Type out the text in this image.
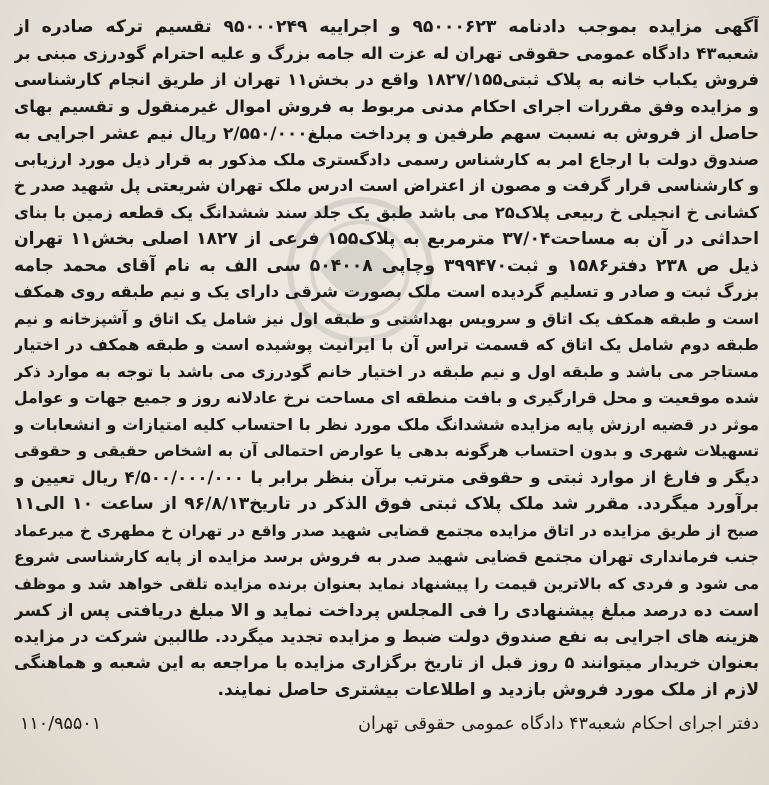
آگهی مزایده بموجب دادنامه ۹۵۰۰۰۶۲۳ و اجراییه ۹۵۰۰۰۲۴۹ تقسیم ترکه صادره از
شعبه۴۳ دادگاه عمومی حقوقی تهران له عزت اله جامه بزرگ و علیه احترام گودرزی مبنی بر
فروش یکباب خانه به پلاک ثبتی۱۸۲۷/۱۵۵ واقع در بخش۱۱ تهران از طریق انجام کارشناسی
و مزایده وفق مقررات اجرای احکام مدنی مربوط به فروش اموال غیرمنقول و تقسیم بهای
حاصل از فروش به نسبت سهم طرفین و پرداخت مبلغ۲/۵۵۰/۰۰۰ ریال نیم عشر اجرایی به
صندوق دولت با ارجاع امر به کارشناس رسمی دادگستری ملک مذکور به قرار ذیل مورد ارزیابی
و کارشناسی قرار گرفت و مصون از اعتراض است ادرس ملک تهران شریعتی پل شهید صدر خ
کشانی خ انجیلی خ ربیعی پلاک۲۵ می باشد طبق یک جلد سند ششدانگ یک قطعه زمین با بنای
احداثی در آن به مساحت۳۷/۰۴ مترمربع به پلاک۱۵۵ فرعی از ۱۸۲۷ اصلی بخش۱۱ تهران
ذیل ص ۲۳۸ دفتر۱۵۸۶ و ثبت۳۹۹۴۷۰ وچاپی ۵۰۴۰۰۸ سی الف به نام آقای محمد جامه
بزرگ ثبت و صادر و تسلیم گردیده است ملک بصورت شرقی دارای یک و نیم طبقه روی همکف
است و طبقه همکف یک اتاق و سرویس بهداشتی و طبقه اول نیز شامل یک اتاق و آشپزخانه و نیم
طبقه دوم شامل یک اتاق که قسمت تراس آن با ایرانیت پوشیده است و طبقه همکف در اختیار
مستاجر می باشد و طبقه اول و نیم طبقه در اختیار خانم گودرزی می باشد با توجه به موارد ذکر
شده موقعیت و محل قرارگیری و بافت منطقه ای مساحت نرخ عادلانه روز و جمیع جهات و عوامل
موثر در قضیه ارزش پایه مزایده ششدانگ ملک مورد نظر با احتساب کلیه امتیازات و انشعابات و
تسهیلات شهری و بدون احتساب هرگونه بدهی یا عوارض احتمالی آن به اشخاص حقیقی و حقوقی
دیگر و فارغ از موارد ثبتی و حقوقی مترتب برآن بنظر برابر با ۴/۵۰۰/۰۰۰/۰۰۰ ریال تعیین و
برآورد میگردد. مقرر شد ملک پلاک ثبتی فوق الذکر در تاریخ۹۶/۸/۱۳ از ساعت ۱۰ الی۱۱
صبح از طریق مزایده در اتاق مزایده مجتمع قضایی شهید صدر واقع در تهران خ مطهری خ میرعماد
جنب فرمانداری تهران مجتمع قضایی شهید صدر به فروش برسد مزایده از پایه کارشناسی شروع
می شود و فردی که بالاترین قیمت را پیشنهاد نماید بعنوان برنده مزایده تلقی خواهد شد و موظف
است ده درصد مبلغ پیشنهادی را فی المجلس پرداخت نماید و الا مبلغ دریافتی پس از کسر
هزینه های اجرایی به نفع صندوق دولت ضبط و مزایده تجدید میگردد. طالبین شرکت در مزایده
بعنوان خریدار میتوانند ۵ روز قبل از تاریخ برگزاری مزایده با مراجعه به این شعبه و هماهنگی
لازم از ملک مورد فروش بازدید و اطلاعات بیشتری حاصل نمایند.
دفتر اجرای احکام شعبه۴۳ دادگاه عمومی حقوقی تهران
۱۱۰/۹۵۵۰۱
